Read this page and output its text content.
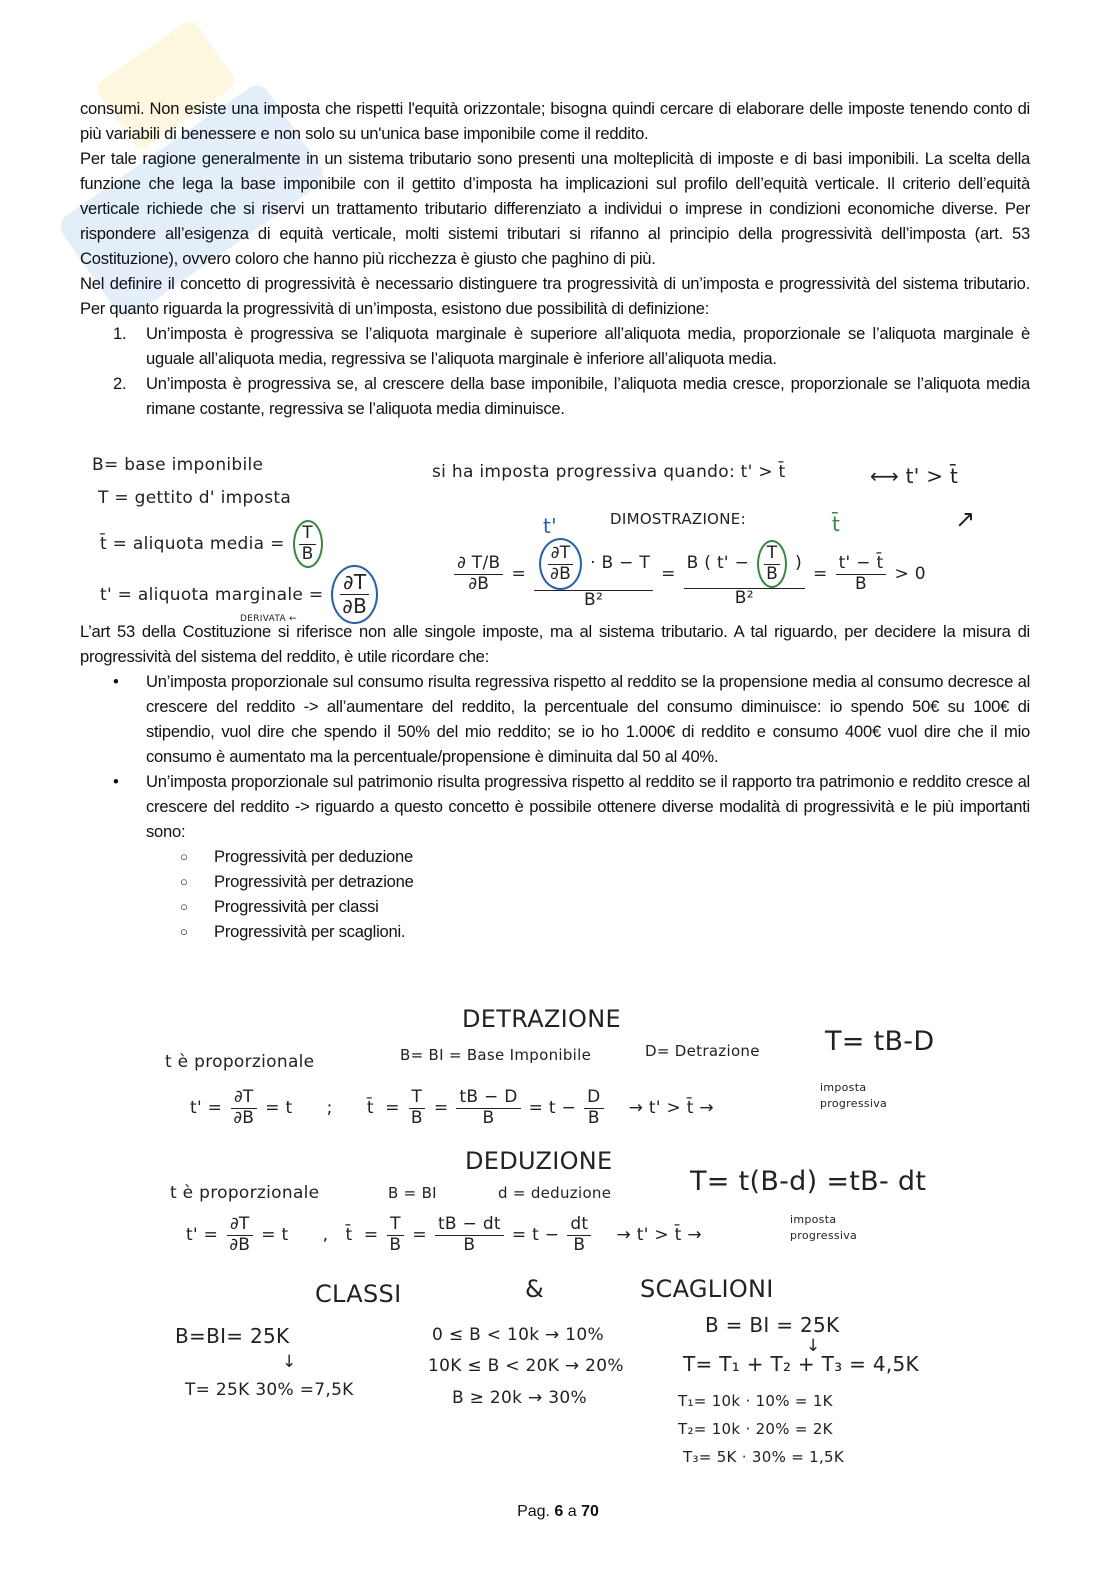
consumi. Non esiste una imposta che rispetti l'equità orizzontale; bisogna quindi cercare di elaborare delle imposte tenendo conto di più variabili di benessere e non solo su un'unica base imponibile come il reddito.

Per tale ragione generalmente in un sistema tributario sono presenti una molteplicità di imposte e di basi imponibili. La scelta della funzione che lega la base imponibile con il gettito d’imposta ha implicazioni sul profilo dell’equità verticale. Il criterio dell’equità verticale richiede che si riservi un trattamento tributario differenziato a individui o imprese in condizioni economiche diverse. Per rispondere all’esigenza di equità verticale, molti sistemi tributari si rifanno al principio della progressività dell’imposta (art. 53 Costituzione), ovvero coloro che hanno più ricchezza è giusto che paghino di più.

Nel definire il concetto di progressività è necessario distinguere tra progressività di un’imposta e progressività del sistema tributario. Per quanto riguarda la progressività di un’imposta, esistono due possibilità di definizione:

1. Un’imposta è progressiva se l’aliquota marginale è superiore all’aliquota media, proporzionale se l’aliquota marginale è uguale all’aliquota media, regressiva se l’aliquota marginale è inferiore all’aliquota media.
2. Un’imposta è progressiva se, al crescere della base imponibile, l’aliquota media cresce, proporzionale se l’aliquota media rimane costante, regressiva se l’aliquota media diminuisce.

L’art 53 della Costituzione si riferisce non alle singole imposte, ma al sistema tributario. A tal riguardo, per decidere la misura di progressività del sistema del reddito, è utile ricordare che:

• Un’imposta proporzionale sul consumo risulta regressiva rispetto al reddito se la propensione media al consumo decresce al crescere del reddito -> all’aumentare del reddito, la percentuale del consumo diminuisce: io spendo 50€ su 100€ di stipendio, vuol dire che spendo il 50% del mio reddito; se io ho 1.000€ di reddito e consumo 400€ vuol dire che il mio consumo è aumentato ma la percentuale/propensione è diminuita dal 50 al 40%.
• Un’imposta proporzionale sul patrimonio risulta progressiva rispetto al reddito se il rapporto tra patrimonio e reddito cresce al crescere del reddito -> riguardo a questo concetto è possibile ottenere diverse modalità di progressività e le più importanti sono:
○ Progressività per deduzione
○ Progressività per detrazione
○ Progressività per classi
○ Progressività per scaglioni.
B= base imponibile
T = gettito d' imposta
t̄ = aliquota media = $\frac{T}{B}$
t' = aliquota marginale = $\frac{\partial T}{\partial B}$
DERIVATA ←
si ha imposta progressiva quando: t' > t̄	⟷ t' > t̄
↗
DIMOSTRAZIONE:
t'	t̄
$\frac{\partial T/B}{\partial B} = \frac{\frac{\partial T}{\partial B} \cdot B - T}{\text{B²}} = \frac{B ( t' - \frac{T}{B} )}{\text{B²}} = \frac{t' - t̄}{B} > 0$
DETRAZIONE
t è proporzionale	B= BI = Base Imponibile	D= Detrazione T= tB-D
$t' = \frac{\partial T}{\partial B} = t$      ;      t̄  = $\frac{T}{B} = \frac{tB - D}{B} = t - \frac{D}{B} \to t'$ > t̄ →
imposta progressiva
DEDUZIONE
t è proporzionale	B = BI	d = deduzione	T= t(B-d) =tB- dt
$t' = \frac{\partial T}{\partial B} = t$      ,   t̄  = $\frac{T}{B} = \frac{tB - dt}{B} = t - \frac{dt}{B} \to t'$ > t̄ →
imposta progressiva
CLASSI	&	SCAGLIONI
B=BI= 25K
↓
T= 25K 30% =7,5K
0 ≤ B < 10k → 10%
10K ≤ B < 20K → 20%
B ≥ 20k → 30%
B = BI = 25K
↓
T= T₁ + T₂ + T₃ = 4,5K
T₁= 10k · 10% = 1K
T₂= 10k · 20% = 2K
T₃= 5K · 30% = 1,5K
Pag. 6 a 70
